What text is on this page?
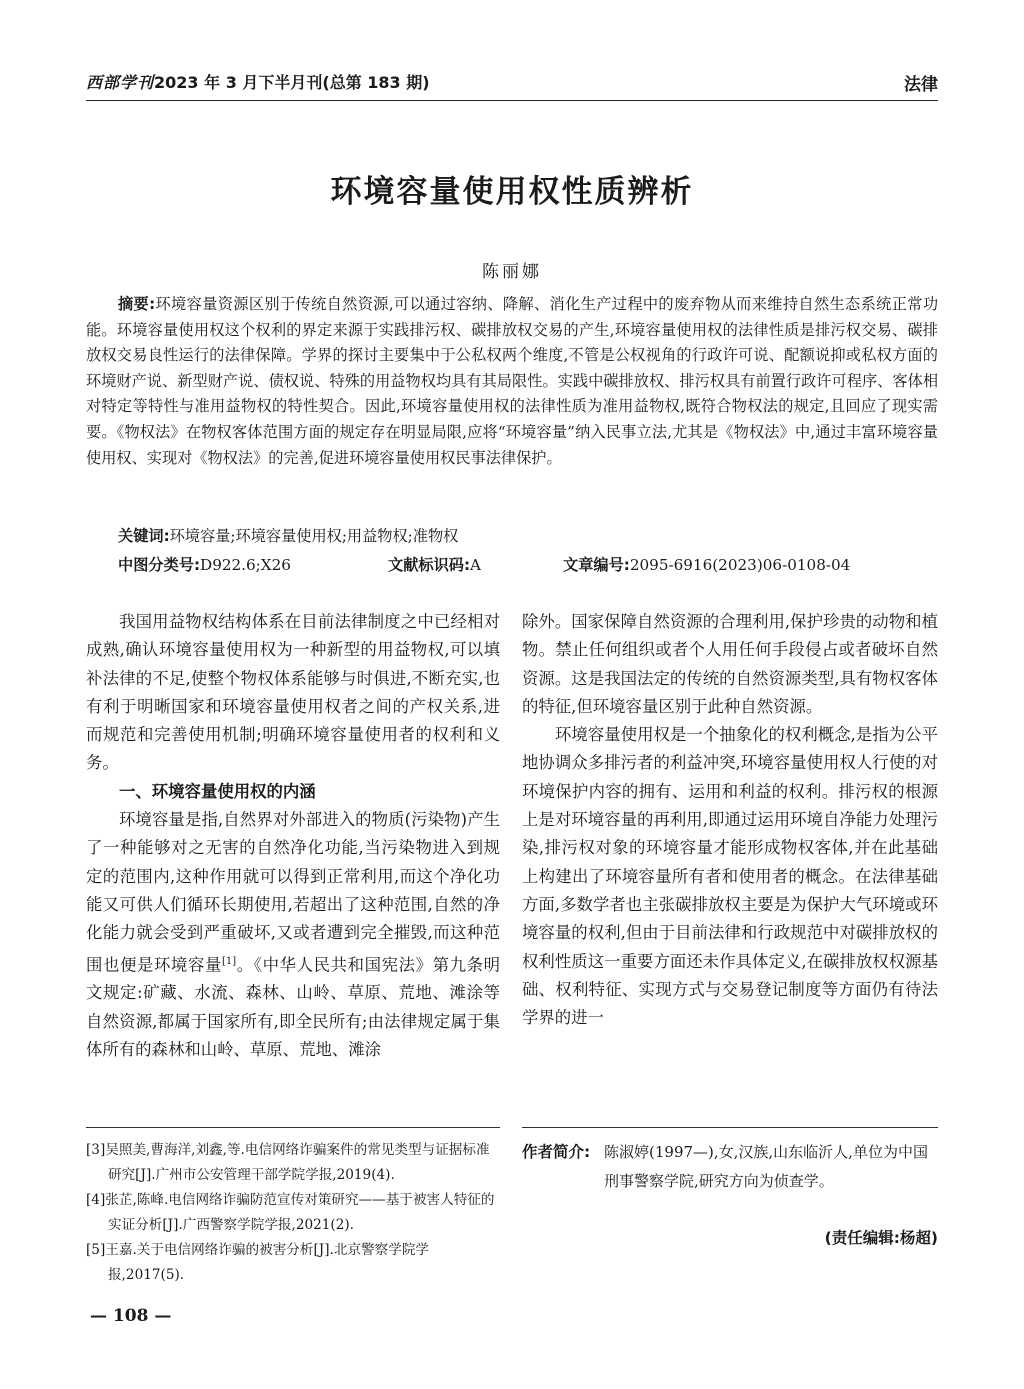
西部学刊2023 年 3 月下半月刊(总第 183 期)	法律
环境容量使用权性质辨析
陈丽娜

摘要:环境容量资源区别于传统自然资源,可以通过容纳、降解、消化生产过程中的废弃物从而来维持自然生态系统正常功能。环境容量使用权这个权利的界定来源于实践排污权、碳排放权交易的产生,环境容量使用权的法律性质是排污权交易、碳排放权交易良性运行的法律保障。学界的探讨主要集中于公私权两个维度,不管是公权视角的行政许可说、配额说抑或私权方面的环境财产说、新型财产说、债权说、特殊的用益物权均具有其局限性。实践中碳排放权、排污权具有前置行政许可程序、客体相对特定等特性与准用益物权的特性契合。因此,环境容量使用权的法律性质为准用益物权,既符合物权法的规定,且回应了现实需要。《物权法》在物权客体范围方面的规定存在明显局限,应将“环境容量”纳入民事立法,尤其是《物权法》中,通过丰富环境容量使用权、实现对《物权法》的完善,促进环境容量使用权民事法律保护。

关键词:环境容量;环境容量使用权;用益物权;准物权
中图分类号:D922.6;X26	文献标识码:A	文章编号:2095-6916(2023)06-0108-04

我国用益物权结构体系在目前法律制度之中已经相对成熟,确认环境容量使用权为一种新型的用益物权,可以填补法律的不足,使整个物权体系能够与时俱进,不断充实,也有利于明晰国家和环境容量使用权者之间的产权关系,进而规范和完善使用机制;明确环境容量使用者的权利和义务。

一、环境容量使用权的内涵

环境容量是指,自然界对外部进入的物质(污染物)产生了一种能够对之无害的自然净化功能,当污染物进入到规定的范围内,这种作用就可以得到正常利用,而这个净化功能又可供人们循环长期使用,若超出了这种范围,自然的净化能力就会受到严重破坏,又或者遭到完全摧毁,而这种范围也便是环境容量[1]。《中华人民共和国宪法》第九条明文规定:矿藏、水流、森林、山岭、草原、荒地、滩涂等自然资源,都属于国家所有,即全民所有;由法律规定属于集体所有的森林和山岭、草原、荒地、滩涂

除外。国家保障自然资源的合理利用,保护珍贵的动物和植物。禁止任何组织或者个人用任何手段侵占或者破坏自然资源。这是我国法定的传统的自然资源类型,具有物权客体的特征,但环境容量区别于此种自然资源。

环境容量使用权是一个抽象化的权利概念,是指为公平地协调众多排污者的利益冲突,环境容量使用权人行使的对环境保护内容的拥有、运用和利益的权利。排污权的根源上是对环境容量的再利用,即通过运用环境自净能力处理污染,排污权对象的环境容量才能形成物权客体,并在此基础上构建出了环境容量所有者和使用者的概念。在法律基础方面,多数学者也主张碳排放权主要是为保护大气环境或环境容量的权利,但由于目前法律和行政规范中对碳排放权的权利性质这一重要方面还未作具体定义,在碳排放权权源基础、权利特征、实现方式与交易登记制度等方面仍有待法学界的进一

[3]吴照美,曹海洋,刘鑫,等.电信网络诈骗案件的常见类型与证据标准研究[J].广州市公安管理干部学院学报,2019(4).

[4]张芷,陈峰.电信网络诈骗防范宣传对策研究——基于被害人特征的实证分析[J].广西警察学院学报,2021(2).

[5]王嘉.关于电信网络诈骗的被害分析[J].北京警察学院学报,2017(5).

作者简介: 陈淑婷(1997—),女,汉族,山东临沂人,单位为中国刑事警察学院,研究方向为侦查学。
(责任编辑:杨超)
— 108 —
